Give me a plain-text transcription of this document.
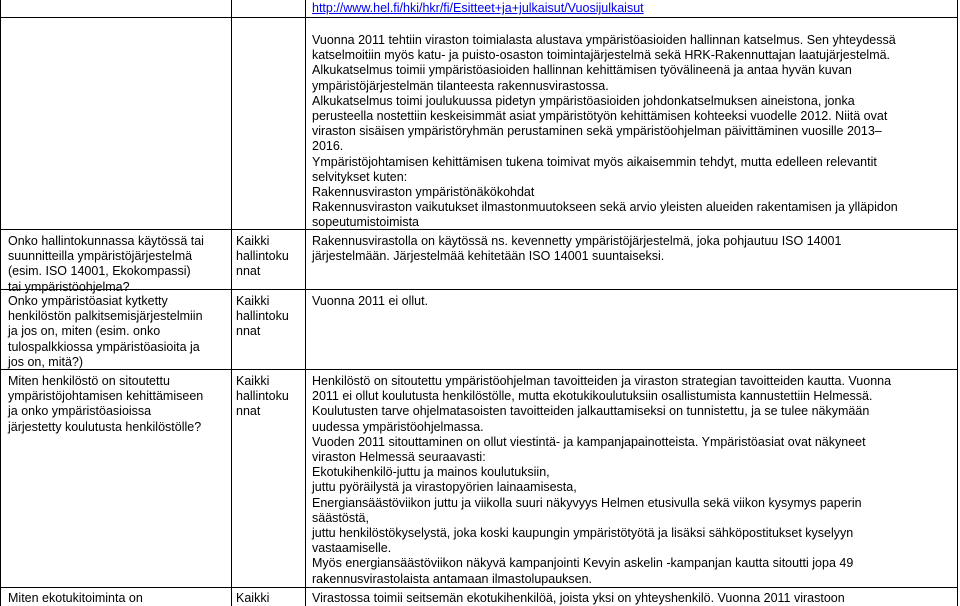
http://www.hel.fi/hki/hkr/fi/Esitteet+ja+julkaisut/Vuosijulkaisut

Vuonna 2011 tehtiin viraston toimialasta alustava ympäristöasioiden hallinnan katselmus. Sen yhteydessä

katselmoitiin myös katu- ja puisto-osaston toimintajärjestelmä sekä HRK-Rakennuttajan laatujärjestelmä.

Alkukatselmus toimii ympäristöasioiden hallinnan kehittämisen työvälineenä ja antaa hyvän kuvan

ympäristöjärjestelmän tilanteesta rakennusvirastossa.

Alkukatselmus toimi joulukuussa pidetyn ympäristöasioiden johdonkatselmuksen aineistona, jonka

perusteella nostettiin keskeisimmät asiat ympäristötyön kehittämisen kohteeksi vuodelle 2012. Niitä ovat

viraston sisäisen ympäristöryhmän perustaminen sekä ympäristöohjelman päivittäminen vuosille 2013–

2016.

Ympäristöjohtamisen kehittämisen tukena toimivat myös aikaisemmin tehdyt, mutta edelleen relevantit

selvitykset kuten:

Rakennusviraston ympäristönäkökohdat

Rakennusviraston vaikutukset ilmastonmuutokseen sekä arvio yleisten alueiden rakentamisen ja ylläpidon

sopeutumistoimista

Onko hallintokunnassa käytössä tai

suunnitteilla ympäristöjärjestelmä

(esim. ISO 14001, Ekokompassi)

tai ympäristöohjelma?

Kaikki

hallintoku

nnat

Rakennusvirastolla on käytössä ns. kevennetty ympäristöjärjestelmä, joka pohjautuu ISO 14001

järjestelmään. Järjestelmää kehitetään ISO 14001 suuntaiseksi.

Onko ympäristöasiat kytketty

henkilöstön palkitsemisjärjestelmiin

ja jos on, miten (esim. onko

tulospalkkiossa ympäristöasioita ja

jos on, mitä?)

Kaikki

hallintoku

nnat

Vuonna 2011 ei ollut.

Miten henkilöstö on sitoutettu

ympäristöjohtamisen kehittämiseen

ja onko ympäristöasioissa

järjestetty koulutusta henkilöstölle?

Kaikki

hallintoku

nnat

Henkilöstö on sitoutettu ympäristöohjelman tavoitteiden ja viraston strategian tavoitteiden kautta. Vuonna

2011 ei ollut koulutusta henkilöstölle, mutta ekotukikoulutuksiin osallistumista kannustettiin Helmessä.

Koulutusten tarve ohjelmatasoisten tavoitteiden jalkauttamiseksi on tunnistettu, ja se tulee näkymään

uudessa ympäristöohjelmassa.

Vuoden 2011 sitouttaminen on ollut viestintä- ja kampanjapainotteista. Ympäristöasiat ovat näkyneet

viraston Helmessä seuraavasti:

Ekotukihenkilö-juttu ja mainos koulutuksiin,

juttu pyöräilystä ja virastopyörien lainaamisesta,

Energiansäästöviikon juttu ja viikolla suuri näkyvyys Helmen etusivulla sekä viikon kysymys paperin

säästöstä,

juttu henkilöstökyselystä, joka koski kaupungin ympäristötyötä ja lisäksi sähköpostitukset kyselyyn

vastaamiselle.

Myös energiansäästöviikon näkyvä kampanjointi Kevyin askelin -kampanjan kautta sitoutti jopa 49

rakennusvirastolaista antamaan ilmastolupauksen.

Miten ekotukitoiminta on	Kaikki	Virastossa toimii seitsemän ekotukihenkilöä, joista yksi on yhteyshenkilö. Vuonna 2011 virastoon
